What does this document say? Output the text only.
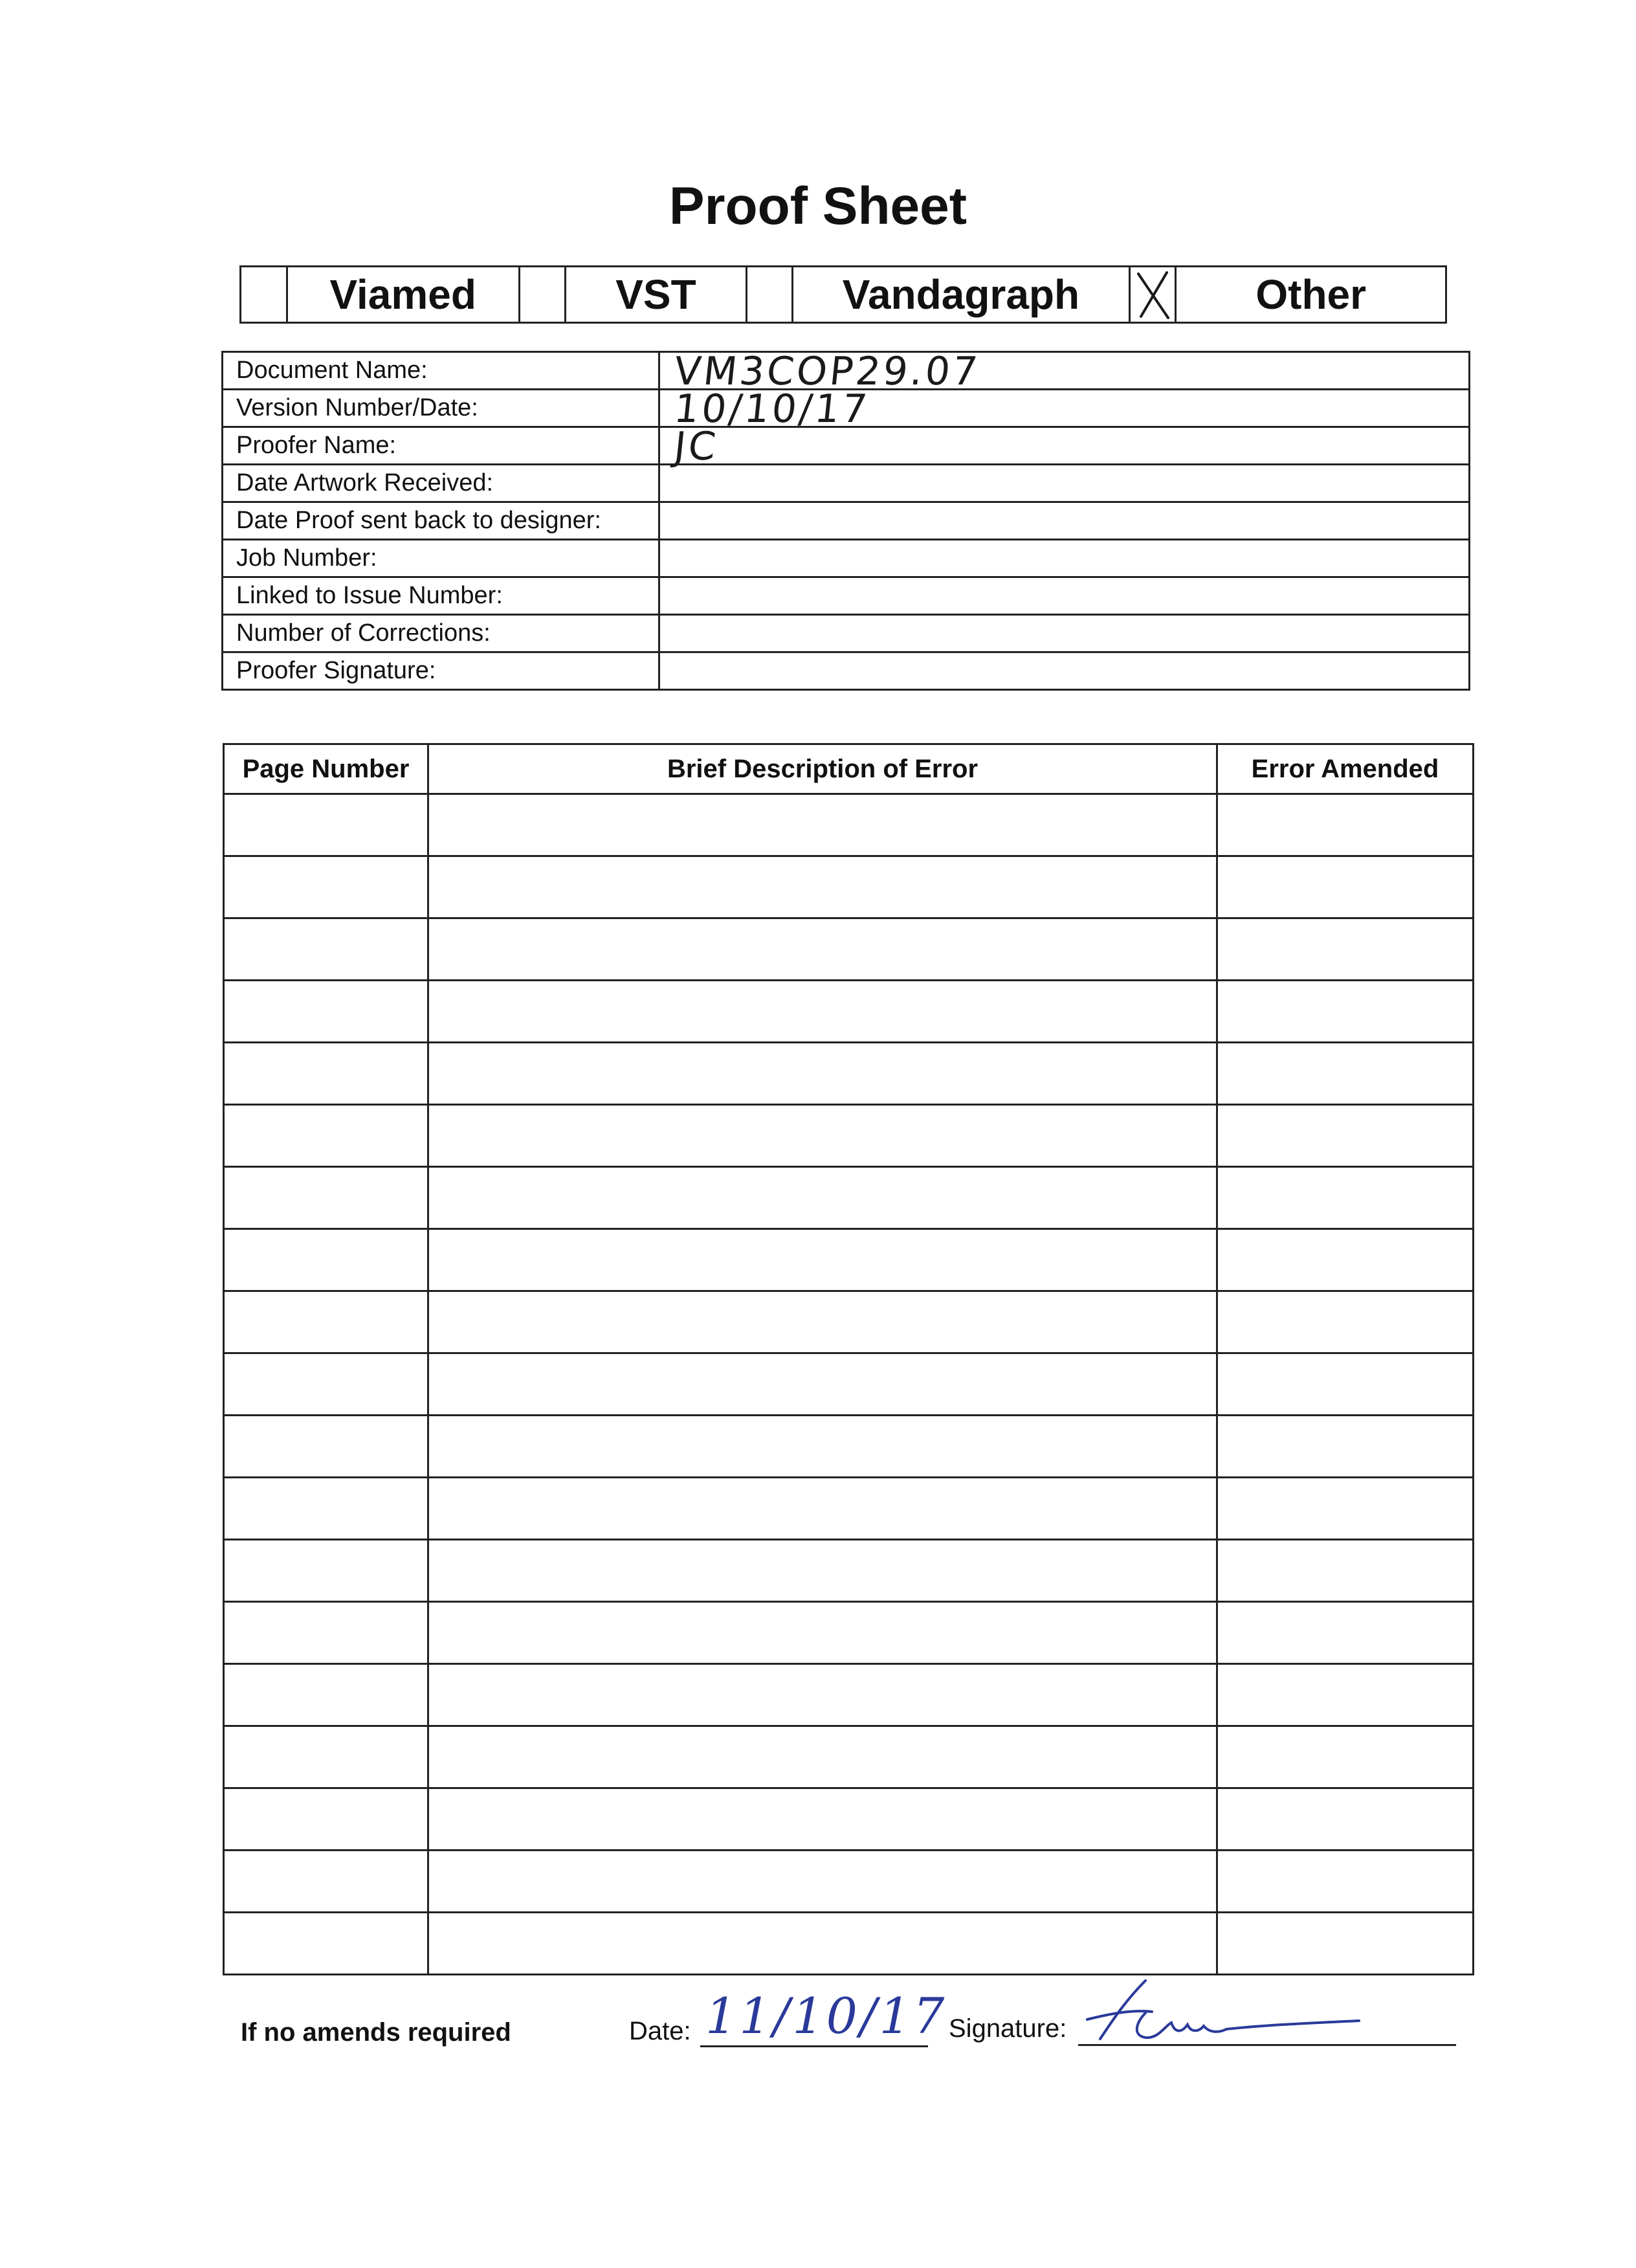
Proof Sheet
Viamed	VST	Vandagraph	Other
Document Name:	VM3COP29.07

Version Number/Date:	10/10/17

Proofer Name:	JC

Date Artwork Received:	

Date Proof sent back to designer:	

Job Number:	

Linked to Issue Number:	

Number of Corrections:	

Proofer Signature:	
Page Number	Brief Description of Error	Error Amended

If no amends required	Date: 11/10/17 Signature:
